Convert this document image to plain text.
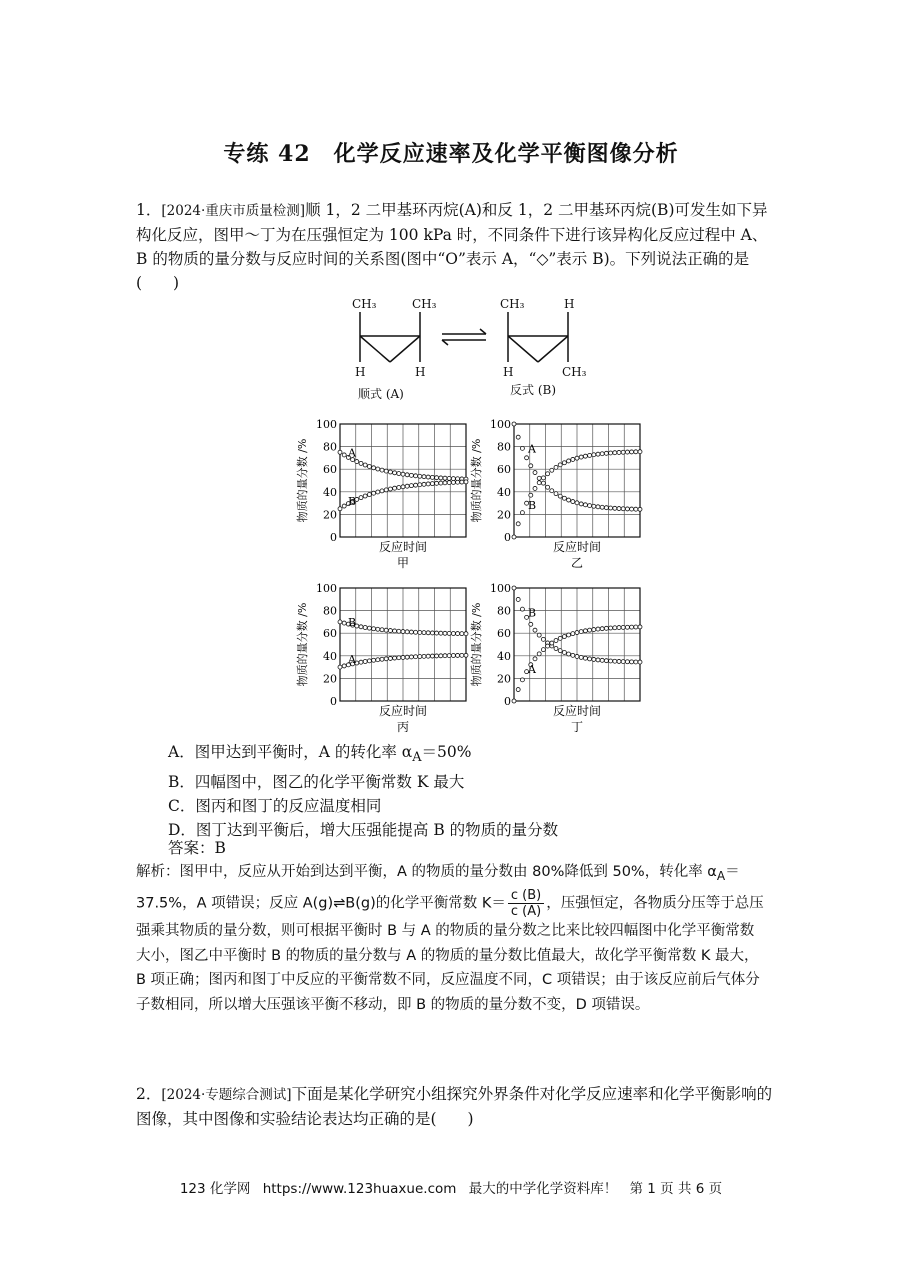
专练 42　化学反应速率及化学平衡图像分析
1．[2024·重庆市质量检测]顺 1，2 二甲基环丙烷(A)和反 1，2 二甲基环丙烷(B)可发生如下异构化反应，图甲～丁为在压强恒定为 100 kPa 时，不同条件下进行该异构化反应过程中 A、B 的物质的量分数与反应时间的关系图(图中“O”表示 A，“◇”表示 B)。下列说法正确的是(　　)
CH₃	CH₃
H	H
CH₃	H
H	CH₃
顺式 (A)	反式 (B)
0
20
40
60
80
100
A
B
物质的量分数 /%
反应时间
甲
0
20
40
60
80
100
A
B
物质的量分数 /%
反应时间
乙
0
20
40
60
80
100
B
A
物质的量分数 /%
反应时间
丙
0
20
40
60
80
100
B
A
物质的量分数 /%
反应时间
丁
A．图甲达到平衡时，A 的转化率 $\alpha_A=50\%$
B．四幅图中，图乙的化学平衡常数 K 最大
C．图丙和图丁的反应温度相同
D．图丁达到平衡后，增大压强能提高 B 的物质的量分数
答案：B
解析：图甲中，反应从开始到达到平衡，A 的物质的量分数由 80%降低到 50%，转化率 $\alpha_A=37.5\%$，A 项错误；反应 A(g)⇌B(g)的化学平衡常数 $K= \frac{c (B)}{c (A)}$ ，压强恒定，各物质分压等于总压强乘其物质的量分数，则可根据平衡时 B 与 A 的物质的量分数之比来比较四幅图中化学平衡常数大小，图乙中平衡时 B 的物质的量分数与 A 的物质的量分数比值最大，故化学平衡常数 K 最大，B 项正确；图丙和图丁中反应的平衡常数不同，反应温度不同，C 项错误；由于该反应前后气体分子数相同，所以增大压强该平衡不移动，即 B 的物质的量分数不变，D 项错误。
2．[2024·专题综合测试]下面是某化学研究小组探究外界条件对化学反应速率和化学平衡影响的图像，其中图像和实验结论表达均正确的是(　　)
123 化学网 https://www.123huaxue.com 最大的中学化学资料库！ 第 1 页 共 6 页
